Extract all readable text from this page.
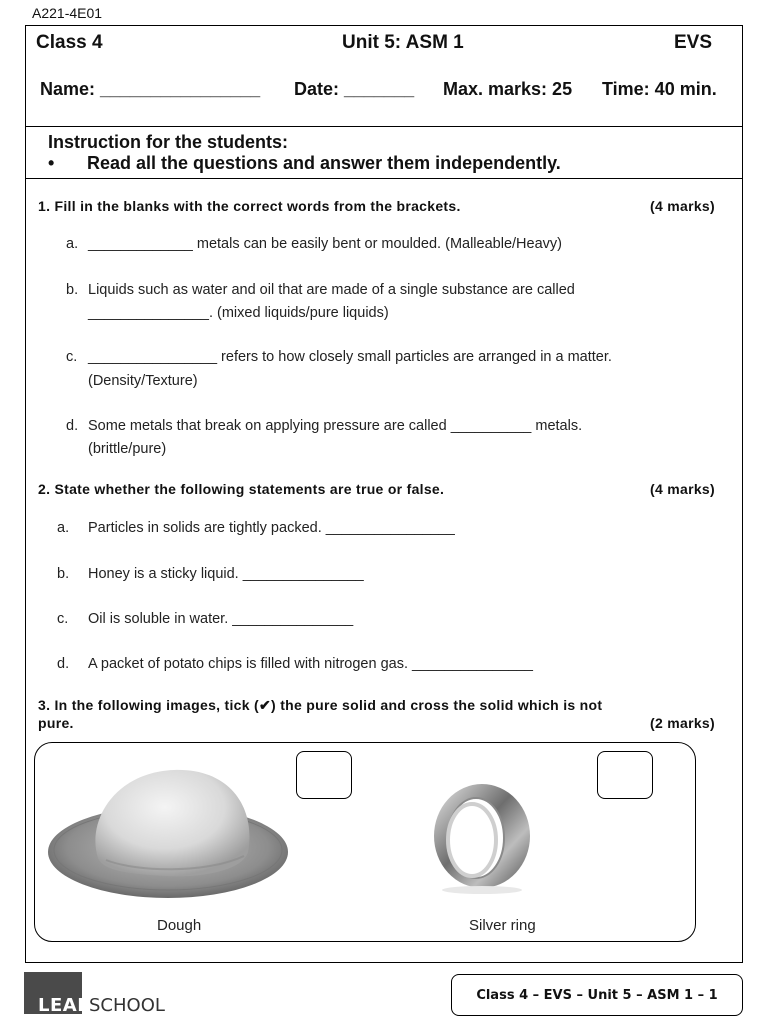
A221-4E01
Class 4	Unit 5: ASM 1	EVS
Name: ________________ Date: _______ Max. marks: 25 Time: 40 min.
Instruction for the students:
• Read all the questions and answer them independently.
1. Fill in the blanks with the correct words from the brackets.	(4 marks)
a. _____________ metals can be easily bent or moulded. (Malleable/Heavy)
b. Liquids such as water and oil that are made of a single substance are called
_______________. (mixed liquids/pure liquids)
c. ________________ refers to how closely small particles are arranged in a matter.
(Density/Texture)
d. Some metals that break on applying pressure are called __________ metals.
(brittle/pure)
2. State whether the following statements are true or false.	(4 marks)
a. Particles in solids are tightly packed. ________________
b. Honey is a sticky liquid. _______________
c. Oil is soluble in water. _______________
d. A packet of potato chips is filled with nitrogen gas. _______________
3. In the following images, tick (✔) the pure solid and cross the solid which is not
pure.	(2 marks)
Dough	Silver ring
LEAD
SCHOOL	Class 4 – EVS – Unit 5 – ASM 1 – 1
